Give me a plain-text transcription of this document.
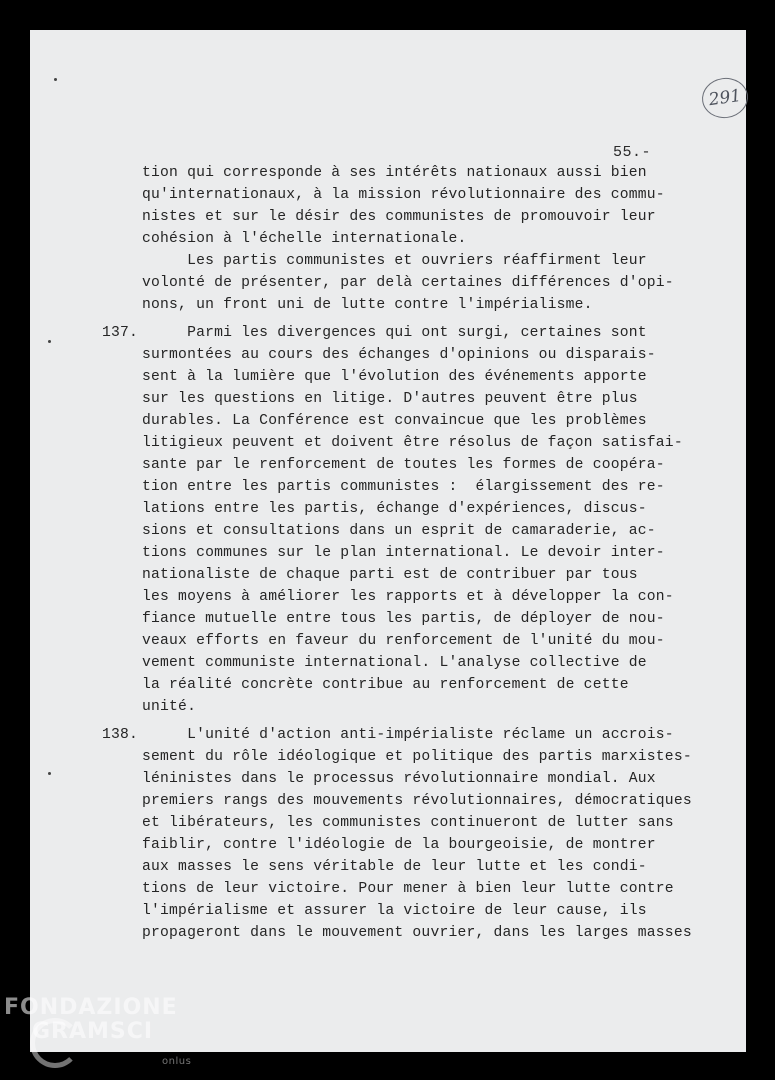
291
55.-
tion qui corresponde à ses intérêts nationaux aussi bien
qu'internationaux, à la mission révolutionnaire des commu-
nistes et sur le désir des communistes de promouvoir leur
cohésion à l'échelle internationale.
Les partis communistes et ouvriers réaffirment leur
volonté de présenter, par delà certaines différences d'opi-
nons, un front uni de lutte contre l'impérialisme.
137. Parmi les divergences qui ont surgi, certaines sont
surmontées au cours des échanges d'opinions ou disparais-
sent à la lumière que l'évolution des événements apporte
sur les questions en litige. D'autres peuvent être plus
durables. La Conférence est convaincue que les problèmes
litigieux peuvent et doivent être résolus de façon satisfai-
sante par le renforcement de toutes les formes de coopéra-
tion entre les partis communistes :  élargissement des re-
lations entre les partis, échange d'expériences, discus-
sions et consultations dans un esprit de camaraderie, ac-
tions communes sur le plan international. Le devoir inter-
nationaliste de chaque parti est de contribuer par tous
les moyens à améliorer les rapports et à développer la con-
fiance mutuelle entre tous les partis, de déployer de nou-
veaux efforts en faveur du renforcement de l'unité du mou-
vement communiste international. L'analyse collective de
la réalité concrète contribue au renforcement de cette
unité.
138. L'unité d'action anti-impérialiste réclame un accrois-
sement du rôle idéologique et politique des partis marxistes-
léninistes dans le processus révolutionnaire mondial. Aux
premiers rangs des mouvements révolutionnaires, démocratiques
et libérateurs, les communistes continueront de lutter sans
faiblir, contre l'idéologie de la bourgeoisie, de montrer
aux masses le sens véritable de leur lutte et les condi-
tions de leur victoire. Pour mener à bien leur lutte contre
l'impérialisme et assurer la victoire de leur cause, ils
propageront dans le mouvement ouvrier, dans les larges masses
FONDAZIONE
GRAMSCI
onlus
